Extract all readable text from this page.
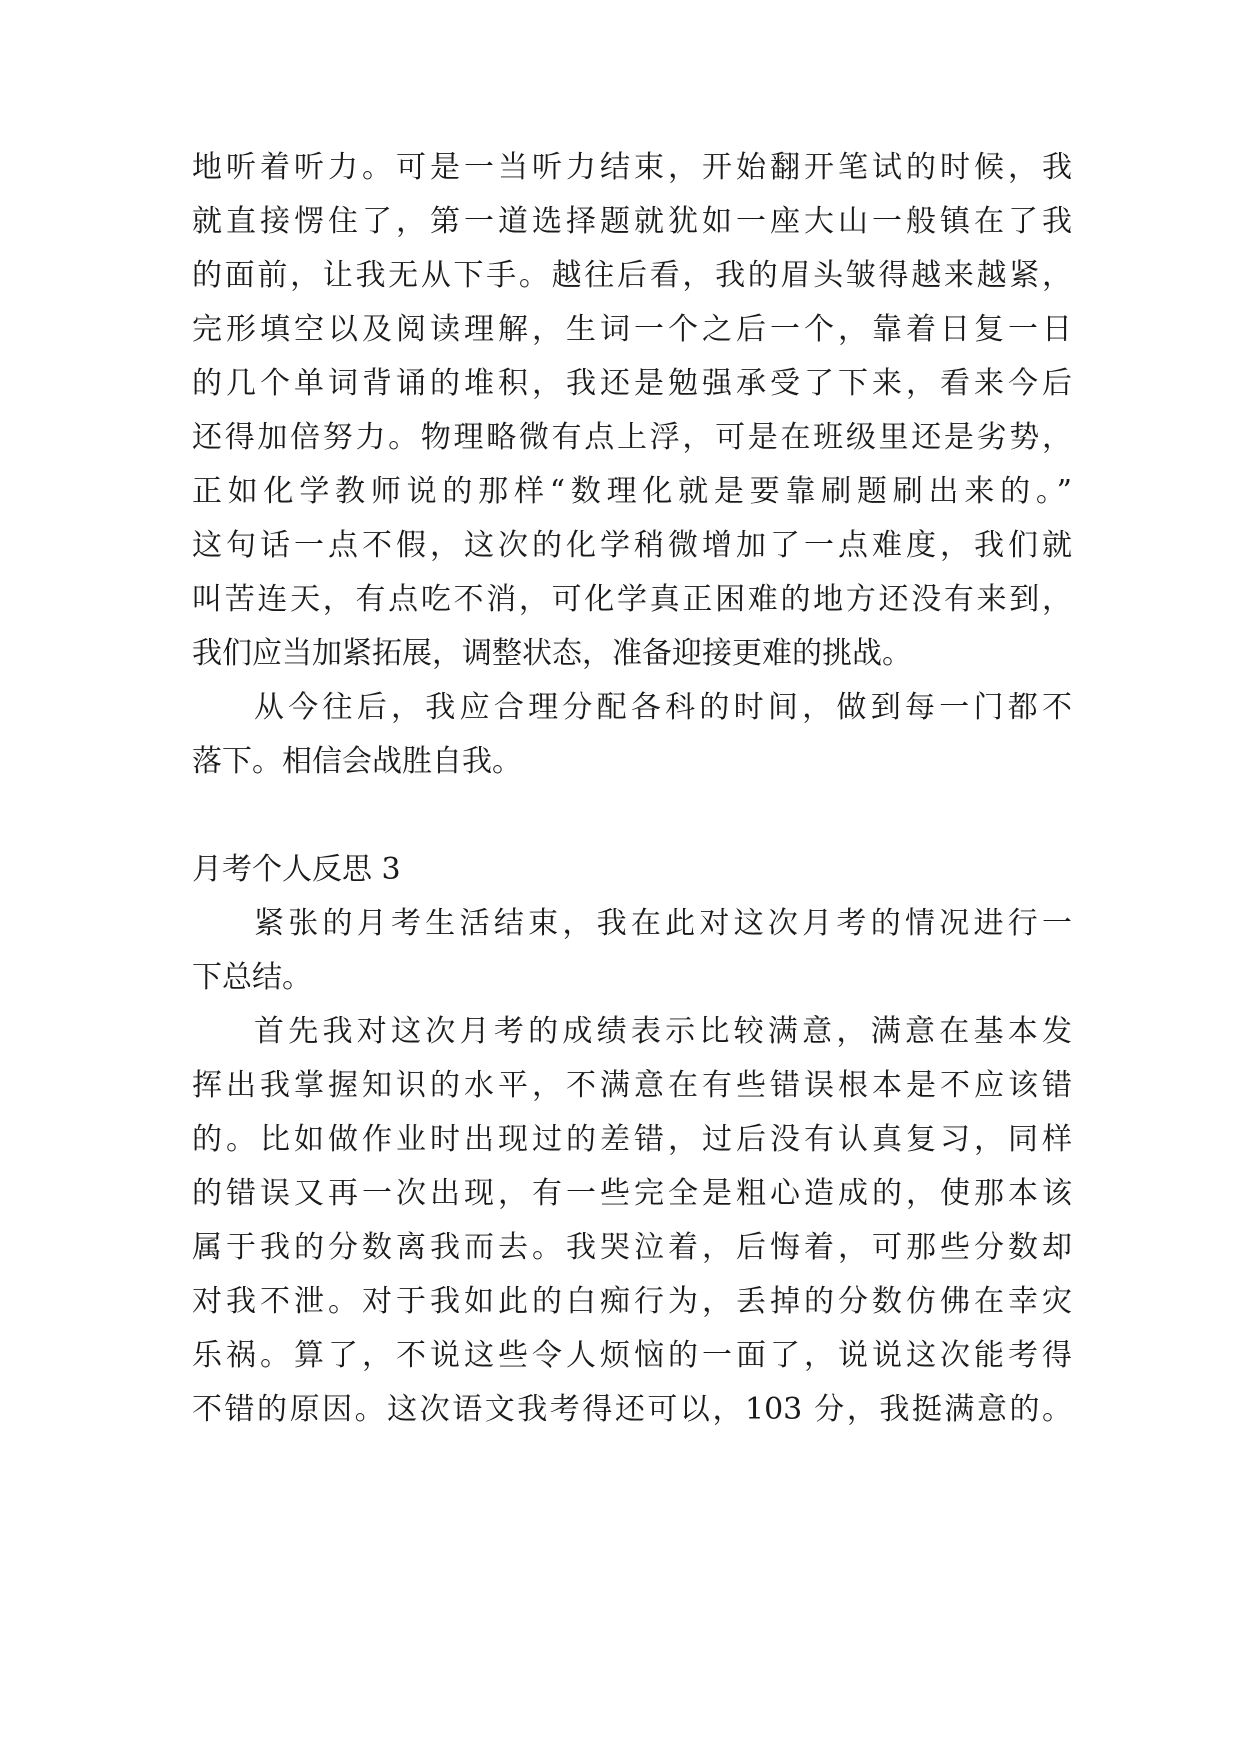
地听着听力。可是一当听力结束，开始翻开笔试的时候，我
就直接愣住了，第一道选择题就犹如一座大山一般镇在了我
的面前，让我无从下手。越往后看，我的眉头皱得越来越紧，
完形填空以及阅读理解，生词一个之后一个，靠着日复一日
的几个单词背诵的堆积，我还是勉强承受了下来，看来今后
还得加倍努力。物理略微有点上浮，可是在班级里还是劣势，
正如化学教师说的那样“数理化就是要靠刷题刷出来的。”
这句话一点不假，这次的化学稍微增加了一点难度，我们就
叫苦连天，有点吃不消，可化学真正困难的地方还没有来到，
我们应当加紧拓展，调整状态，准备迎接更难的挑战。
从今往后，我应合理分配各科的时间，做到每一门都不
落下。相信会战胜自我。
月考个人反思 3
紧张的月考生活结束，我在此对这次月考的情况进行一
下总结。
首先我对这次月考的成绩表示比较满意，满意在基本发
挥出我掌握知识的水平，不满意在有些错误根本是不应该错
的。比如做作业时出现过的差错，过后没有认真复习，同样
的错误又再一次出现，有一些完全是粗心造成的，使那本该
属于我的分数离我而去。我哭泣着，后悔着，可那些分数却
对我不泄。对于我如此的白痴行为，丢掉的分数仿佛在幸灾
乐祸。算了，不说这些令人烦恼的一面了，说说这次能考得
不错的原因。这次语文我考得还可以，103 分，我挺满意的。
